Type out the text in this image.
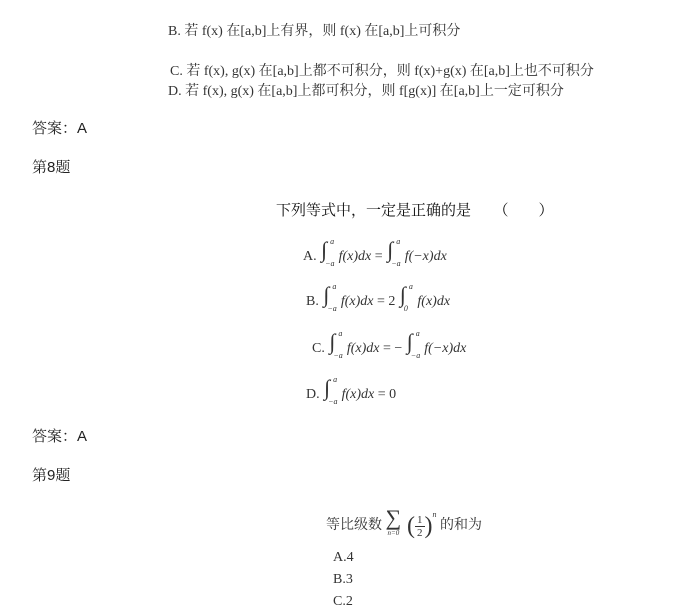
B. 若 f(x) 在[a,b]上有界，则 f(x) 在[a,b]上可积分
C. 若 f(x), g(x) 在[a,b]上都不可积分，则 f(x)+g(x) 在[a,b]上也不可积分
D. 若 f(x), g(x) 在[a,b]上都可积分，则 f[g(x)] 在[a,b]上一定可积分
答案：A
第8题
下列等式中，一定是正确的是　　（　　）
A. ∫ a
−a f(x)dx = ∫ a
−a f(−x)dx
B. ∫ a
−a f(x)dx = 2 ∫ a
0 f(x)dx
C. ∫ a
−a f(x)dx = − ∫ a
−a f(−x)dx
D. ∫ a
−a f(x)dx = 0
答案：A
第9题
等比级数 ∑
n=0 ( $\frac{1}{2} )^n$ 的和为
A.4
B.3
C.2
